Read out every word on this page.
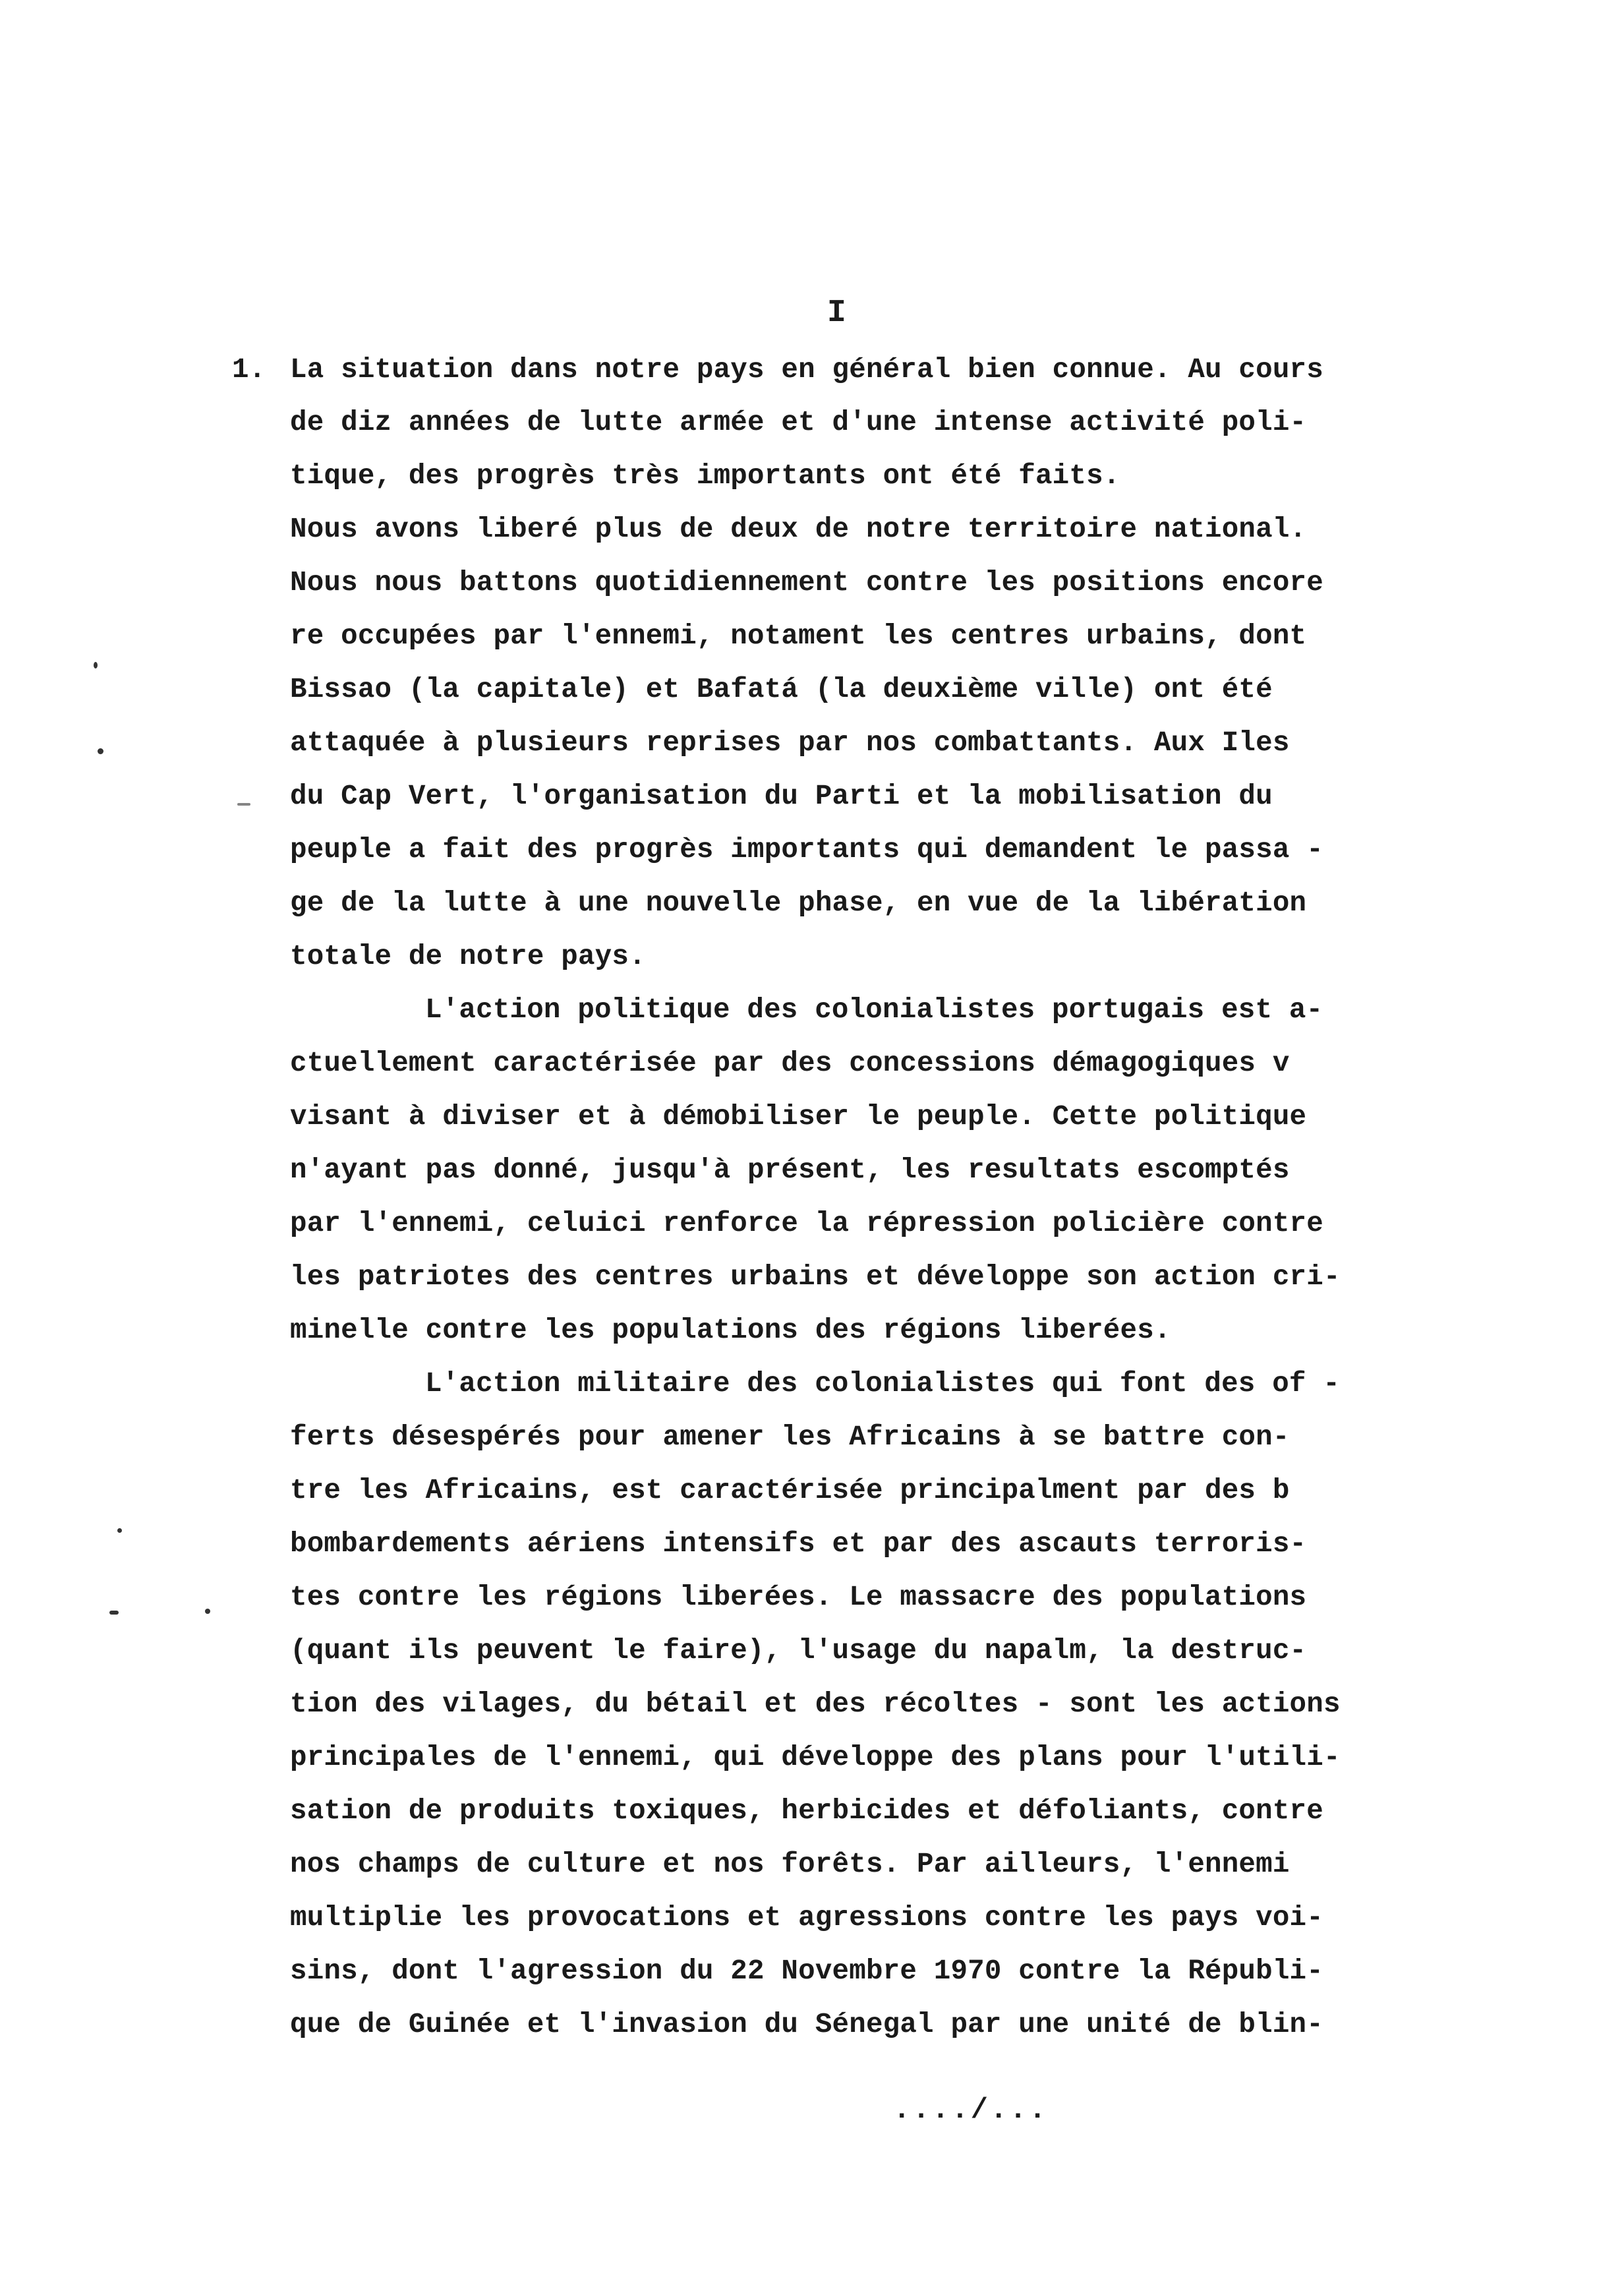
I
1. La situation dans notre pays en général bien connue. Au cours
de diz années de lutte armée et d'une intense activité poli-
tique, des progrès très importants ont été faits.
Nous avons liberé plus de deux de notre territoire national.
Nous nous battons quotidiennement contre les positions encore
re occupées par l'ennemi, notament les centres urbains, dont
Bissao (la capitale) et Bafatá (la deuxième ville) ont été
attaquée à plusieurs reprises par nos combattants. Aux Iles
du Cap Vert, l'organisation du Parti et la mobilisation du
peuple a fait des progrès importants qui demandent le passa -
ge de la lutte à une nouvelle phase, en vue de la libération
totale de notre pays.
L'action politique des colonialistes portugais est a-
ctuellement caractérisée par des concessions démagogiques v
visant à diviser et à démobiliser le peuple. Cette politique
n'ayant pas donné, jusqu'à présent, les resultats escomptés
par l'ennemi, celuici renforce la répression policière contre
les patriotes des centres urbains et développe son action cri-
minelle contre les populations des régions liberées.
L'action militaire des colonialistes qui font des of -
ferts désespérés pour amener les Africains à se battre con-
tre les Africains, est caractérisée principalment par des b
bombardements aériens intensifs et par des ascauts terroris-
tes contre les régions liberées. Le massacre des populations
(quant ils peuvent le faire), l'usage du napalm, la destruc-
tion des vilages, du bétail et des récoltes - sont les actions
principales de l'ennemi, qui développe des plans pour l'utili-
sation de produits toxiques, herbicides et défoliants, contre
nos champs de culture et nos forêts. Par ailleurs, l'ennemi
multiplie les provocations et agressions contre les pays voi-
sins, dont l'agression du 22 Novembre 1970 contre la Républi-
que de Guinée et l'invasion du Sénegal par une unité de blin-
..../...
